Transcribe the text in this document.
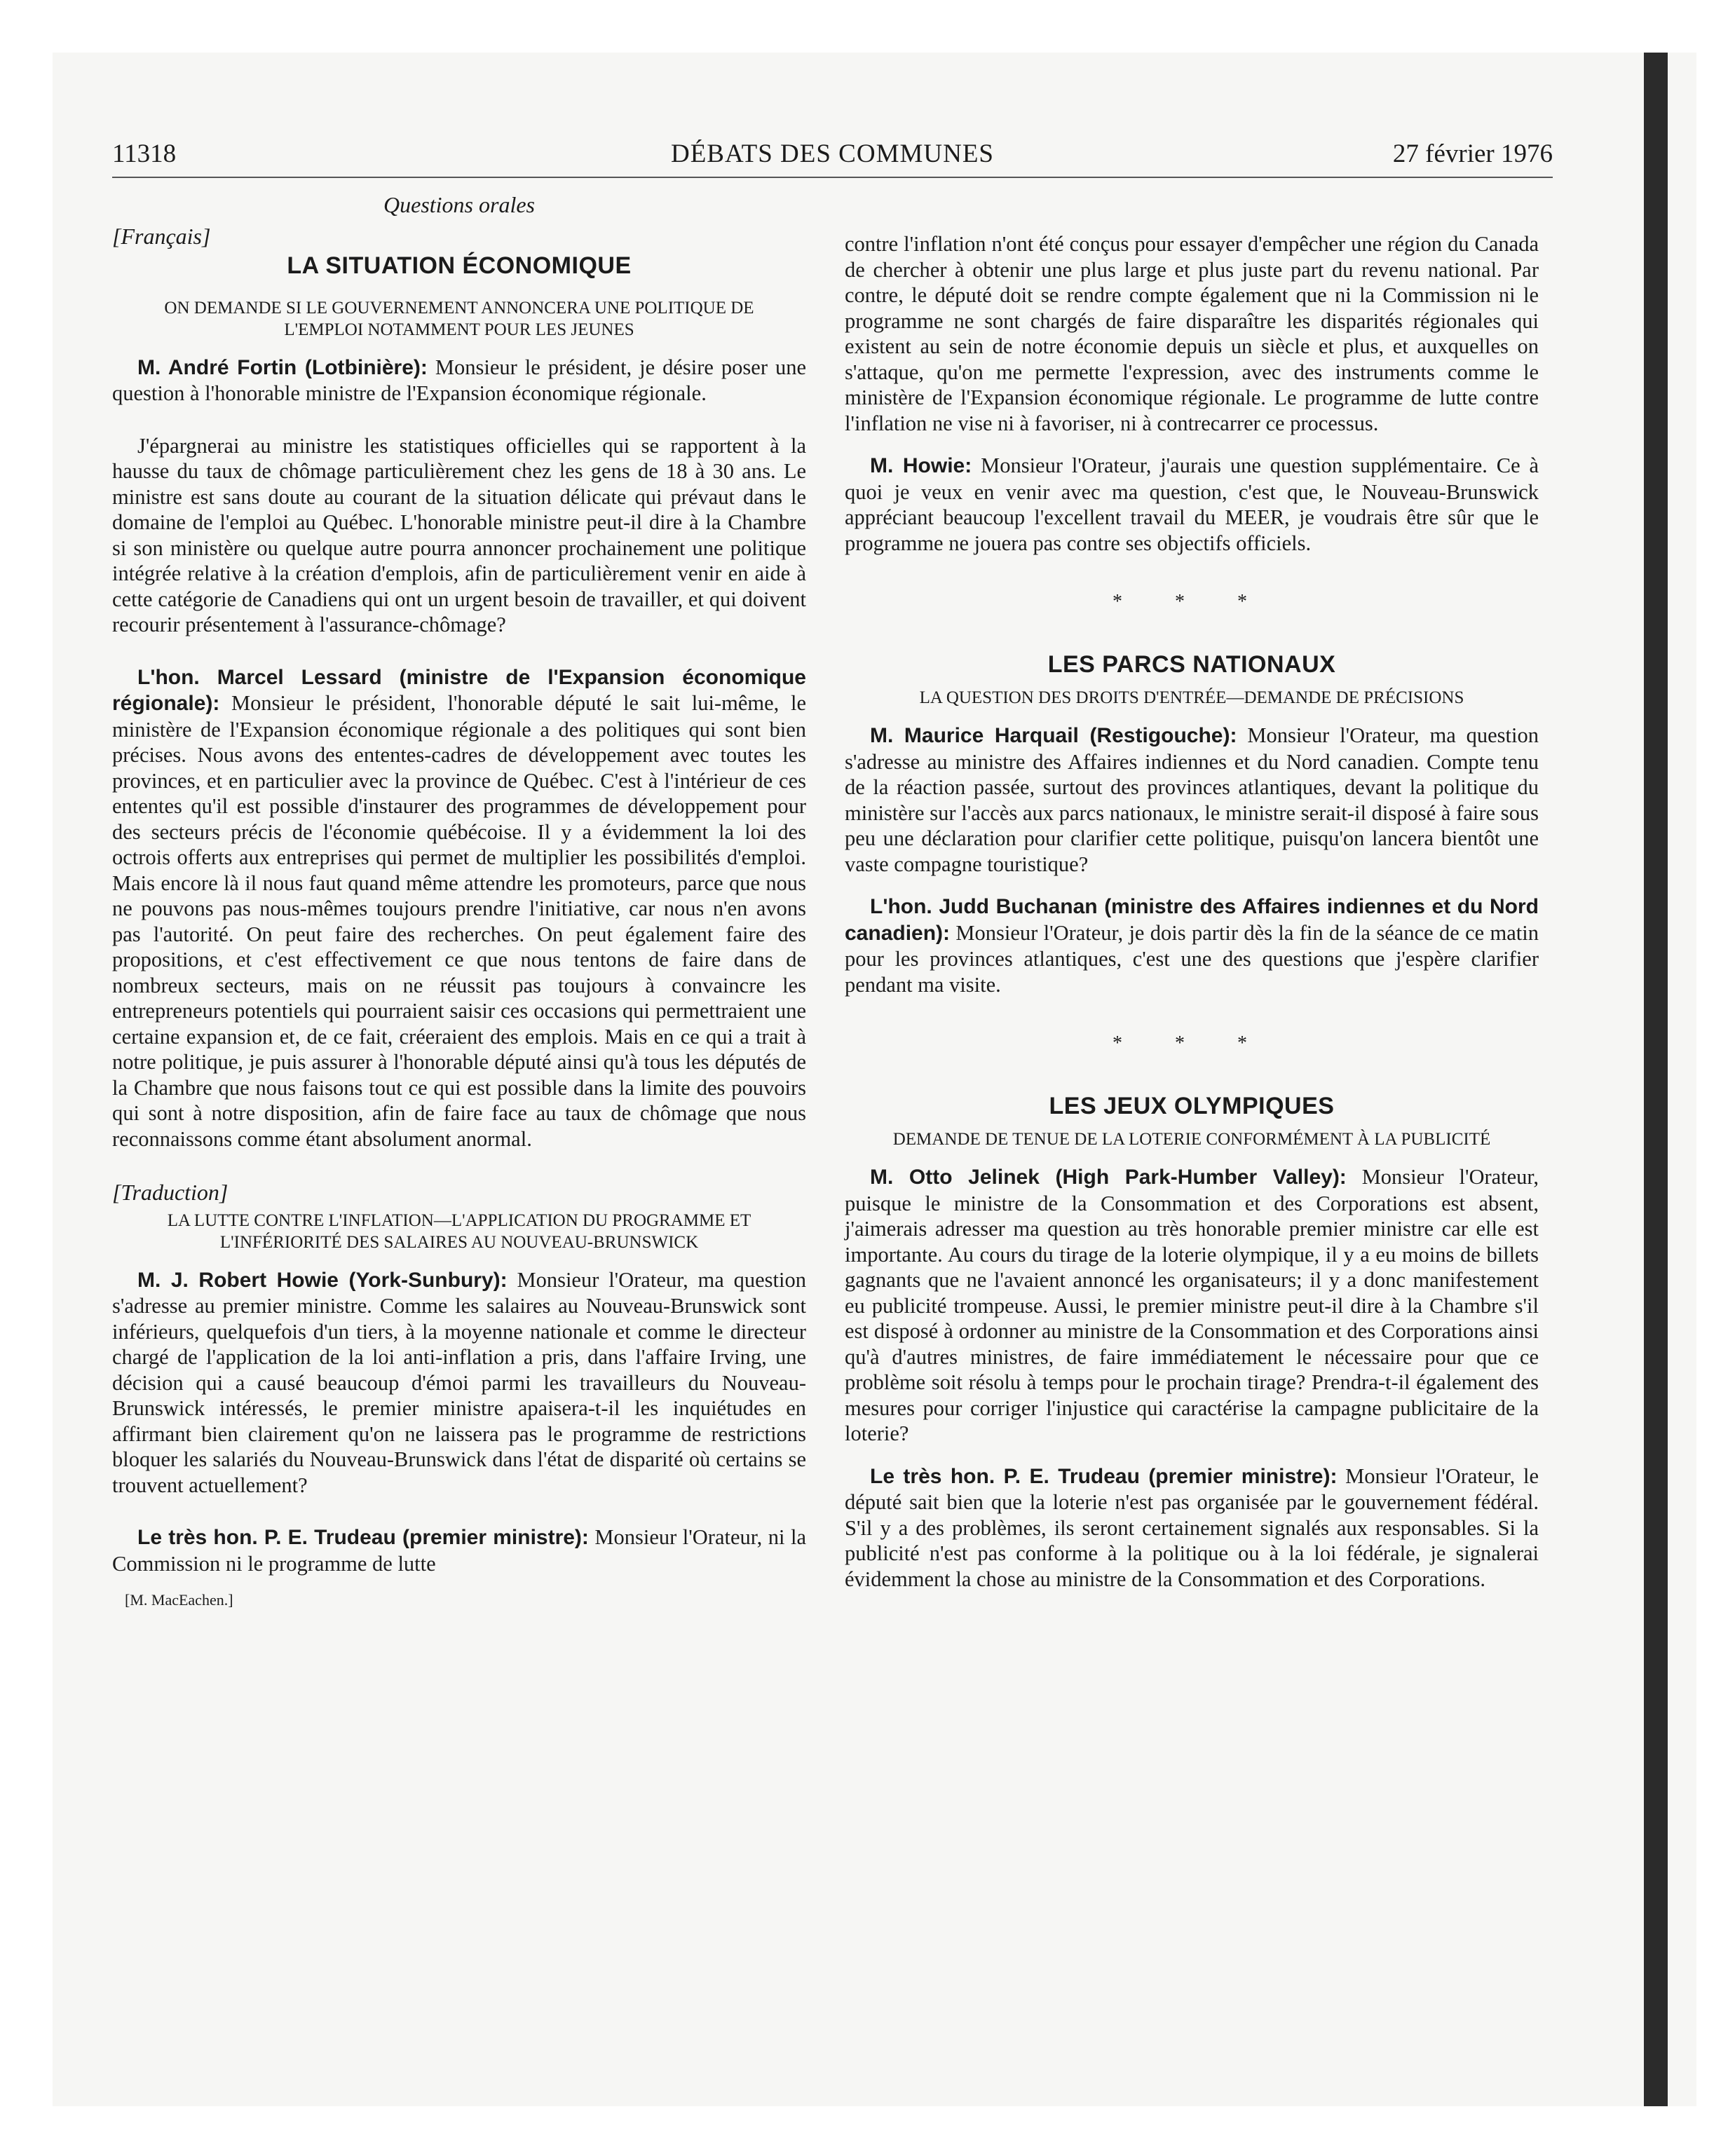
11318	DÉBATS DES COMMUNES	27 février 1976
Questions orales
[Français]
LA SITUATION ÉCONOMIQUE
ON DEMANDE SI LE GOUVERNEMENT ANNONCERA UNE POLITIQUE DE L'EMPLOI NOTAMMENT POUR LES JEUNES

M. André Fortin (Lotbinière): Monsieur le président, je désire poser une question à l'honorable ministre de l'Expansion économique régionale.

J'épargnerai au ministre les statistiques officielles qui se rapportent à la hausse du taux de chômage particulièrement chez les gens de 18 à 30 ans. Le ministre est sans doute au courant de la situation délicate qui prévaut dans le domaine de l'emploi au Québec. L'honorable ministre peut-il dire à la Chambre si son ministère ou quelque autre pourra annoncer prochainement une politique intégrée relative à la création d'emplois, afin de particulièrement venir en aide à cette catégorie de Canadiens qui ont un urgent besoin de travailler, et qui doivent recourir présentement à l'assurance-chômage?

L'hon. Marcel Lessard (ministre de l'Expansion économique régionale): Monsieur le président, l'honorable député le sait lui-même, le ministère de l'Expansion économique régionale a des politiques qui sont bien précises. Nous avons des ententes-cadres de développement avec toutes les provinces, et en particulier avec la province de Québec. C'est à l'intérieur de ces ententes qu'il est possible d'instaurer des programmes de développement pour des secteurs précis de l'économie québécoise. Il y a évidemment la loi des octrois offerts aux entreprises qui permet de multiplier les possibilités d'emploi. Mais encore là il nous faut quand même attendre les promoteurs, parce que nous ne pouvons pas nous-mêmes toujours prendre l'initiative, car nous n'en avons pas l'autorité. On peut faire des recherches. On peut également faire des propositions, et c'est effectivement ce que nous tentons de faire dans de nombreux secteurs, mais on ne réussit pas toujours à convaincre les entrepreneurs potentiels qui pourraient saisir ces occasions qui permettraient une certaine expansion et, de ce fait, créeraient des emplois. Mais en ce qui a trait à notre politique, je puis assurer à l'honorable député ainsi qu'à tous les députés de la Chambre que nous faisons tout ce qui est possible dans la limite des pouvoirs qui sont à notre disposition, afin de faire face au taux de chômage que nous reconnaissons comme étant absolument anormal.

[Traduction]
LA LUTTE CONTRE L'INFLATION—L'APPLICATION DU PROGRAMME ET L'INFÉRIORITÉ DES SALAIRES AU NOUVEAU-BRUNSWICK

M. J. Robert Howie (York-Sunbury): Monsieur l'Orateur, ma question s'adresse au premier ministre. Comme les salaires au Nouveau-Brunswick sont inférieurs, quelquefois d'un tiers, à la moyenne nationale et comme le directeur chargé de l'application de la loi anti-inflation a pris, dans l'affaire Irving, une décision qui a causé beaucoup d'émoi parmi les travailleurs du Nouveau-Brunswick intéressés, le premier ministre apaisera-t-il les inquiétudes en affirmant bien clairement qu'on ne laissera pas le programme de restrictions bloquer les salariés du Nouveau-Brunswick dans l'état de disparité où certains se trouvent actuellement?

Le très hon. P. E. Trudeau (premier ministre): Monsieur l'Orateur, ni la Commission ni le programme de lutte

[M. MacEachen.]

contre l'inflation n'ont été conçus pour essayer d'empêcher une région du Canada de chercher à obtenir une plus large et plus juste part du revenu national. Par contre, le député doit se rendre compte également que ni la Commission ni le programme ne sont chargés de faire disparaître les disparités régionales qui existent au sein de notre économie depuis un siècle et plus, et auxquelles on s'attaque, qu'on me permette l'expression, avec des instruments comme le ministère de l'Expansion économique régionale. Le programme de lutte contre l'inflation ne vise ni à favoriser, ni à contrecarrer ce processus.

M. Howie: Monsieur l'Orateur, j'aurais une question supplémentaire. Ce à quoi je veux en venir avec ma question, c'est que, le Nouveau-Brunswick appréciant beaucoup l'excellent travail du MEER, je voudrais être sûr que le programme ne jouera pas contre ses objectifs officiels.

* * *
LES PARCS NATIONAUX
LA QUESTION DES DROITS D'ENTRÉE—DEMANDE DE PRÉCISIONS

M. Maurice Harquail (Restigouche): Monsieur l'Orateur, ma question s'adresse au ministre des Affaires indiennes et du Nord canadien. Compte tenu de la réaction passée, surtout des provinces atlantiques, devant la politique du ministère sur l'accès aux parcs nationaux, le ministre serait-il disposé à faire sous peu une déclaration pour clarifier cette politique, puisqu'on lancera bientôt une vaste compagne touristique?

L'hon. Judd Buchanan (ministre des Affaires indiennes et du Nord canadien): Monsieur l'Orateur, je dois partir dès la fin de la séance de ce matin pour les provinces atlantiques, c'est une des questions que j'espère clarifier pendant ma visite.

* * *
LES JEUX OLYMPIQUES
DEMANDE DE TENUE DE LA LOTERIE CONFORMÉMENT À LA PUBLICITÉ

M. Otto Jelinek (High Park-Humber Valley): Monsieur l'Orateur, puisque le ministre de la Consommation et des Corporations est absent, j'aimerais adresser ma question au très honorable premier ministre car elle est importante. Au cours du tirage de la loterie olympique, il y a eu moins de billets gagnants que ne l'avaient annoncé les organisateurs; il y a donc manifestement eu publicité trompeuse. Aussi, le premier ministre peut-il dire à la Chambre s'il est disposé à ordonner au ministre de la Consommation et des Corporations ainsi qu'à d'autres ministres, de faire immédiatement le nécessaire pour que ce problème soit résolu à temps pour le prochain tirage? Prendra-t-il également des mesures pour corriger l'injustice qui caractérise la campagne publicitaire de la loterie?

Le très hon. P. E. Trudeau (premier ministre): Monsieur l'Orateur, le député sait bien que la loterie n'est pas organisée par le gouvernement fédéral. S'il y a des problèmes, ils seront certainement signalés aux responsables. Si la publicité n'est pas conforme à la politique ou à la loi fédérale, je signalerai évidemment la chose au ministre de la Consommation et des Corporations.
